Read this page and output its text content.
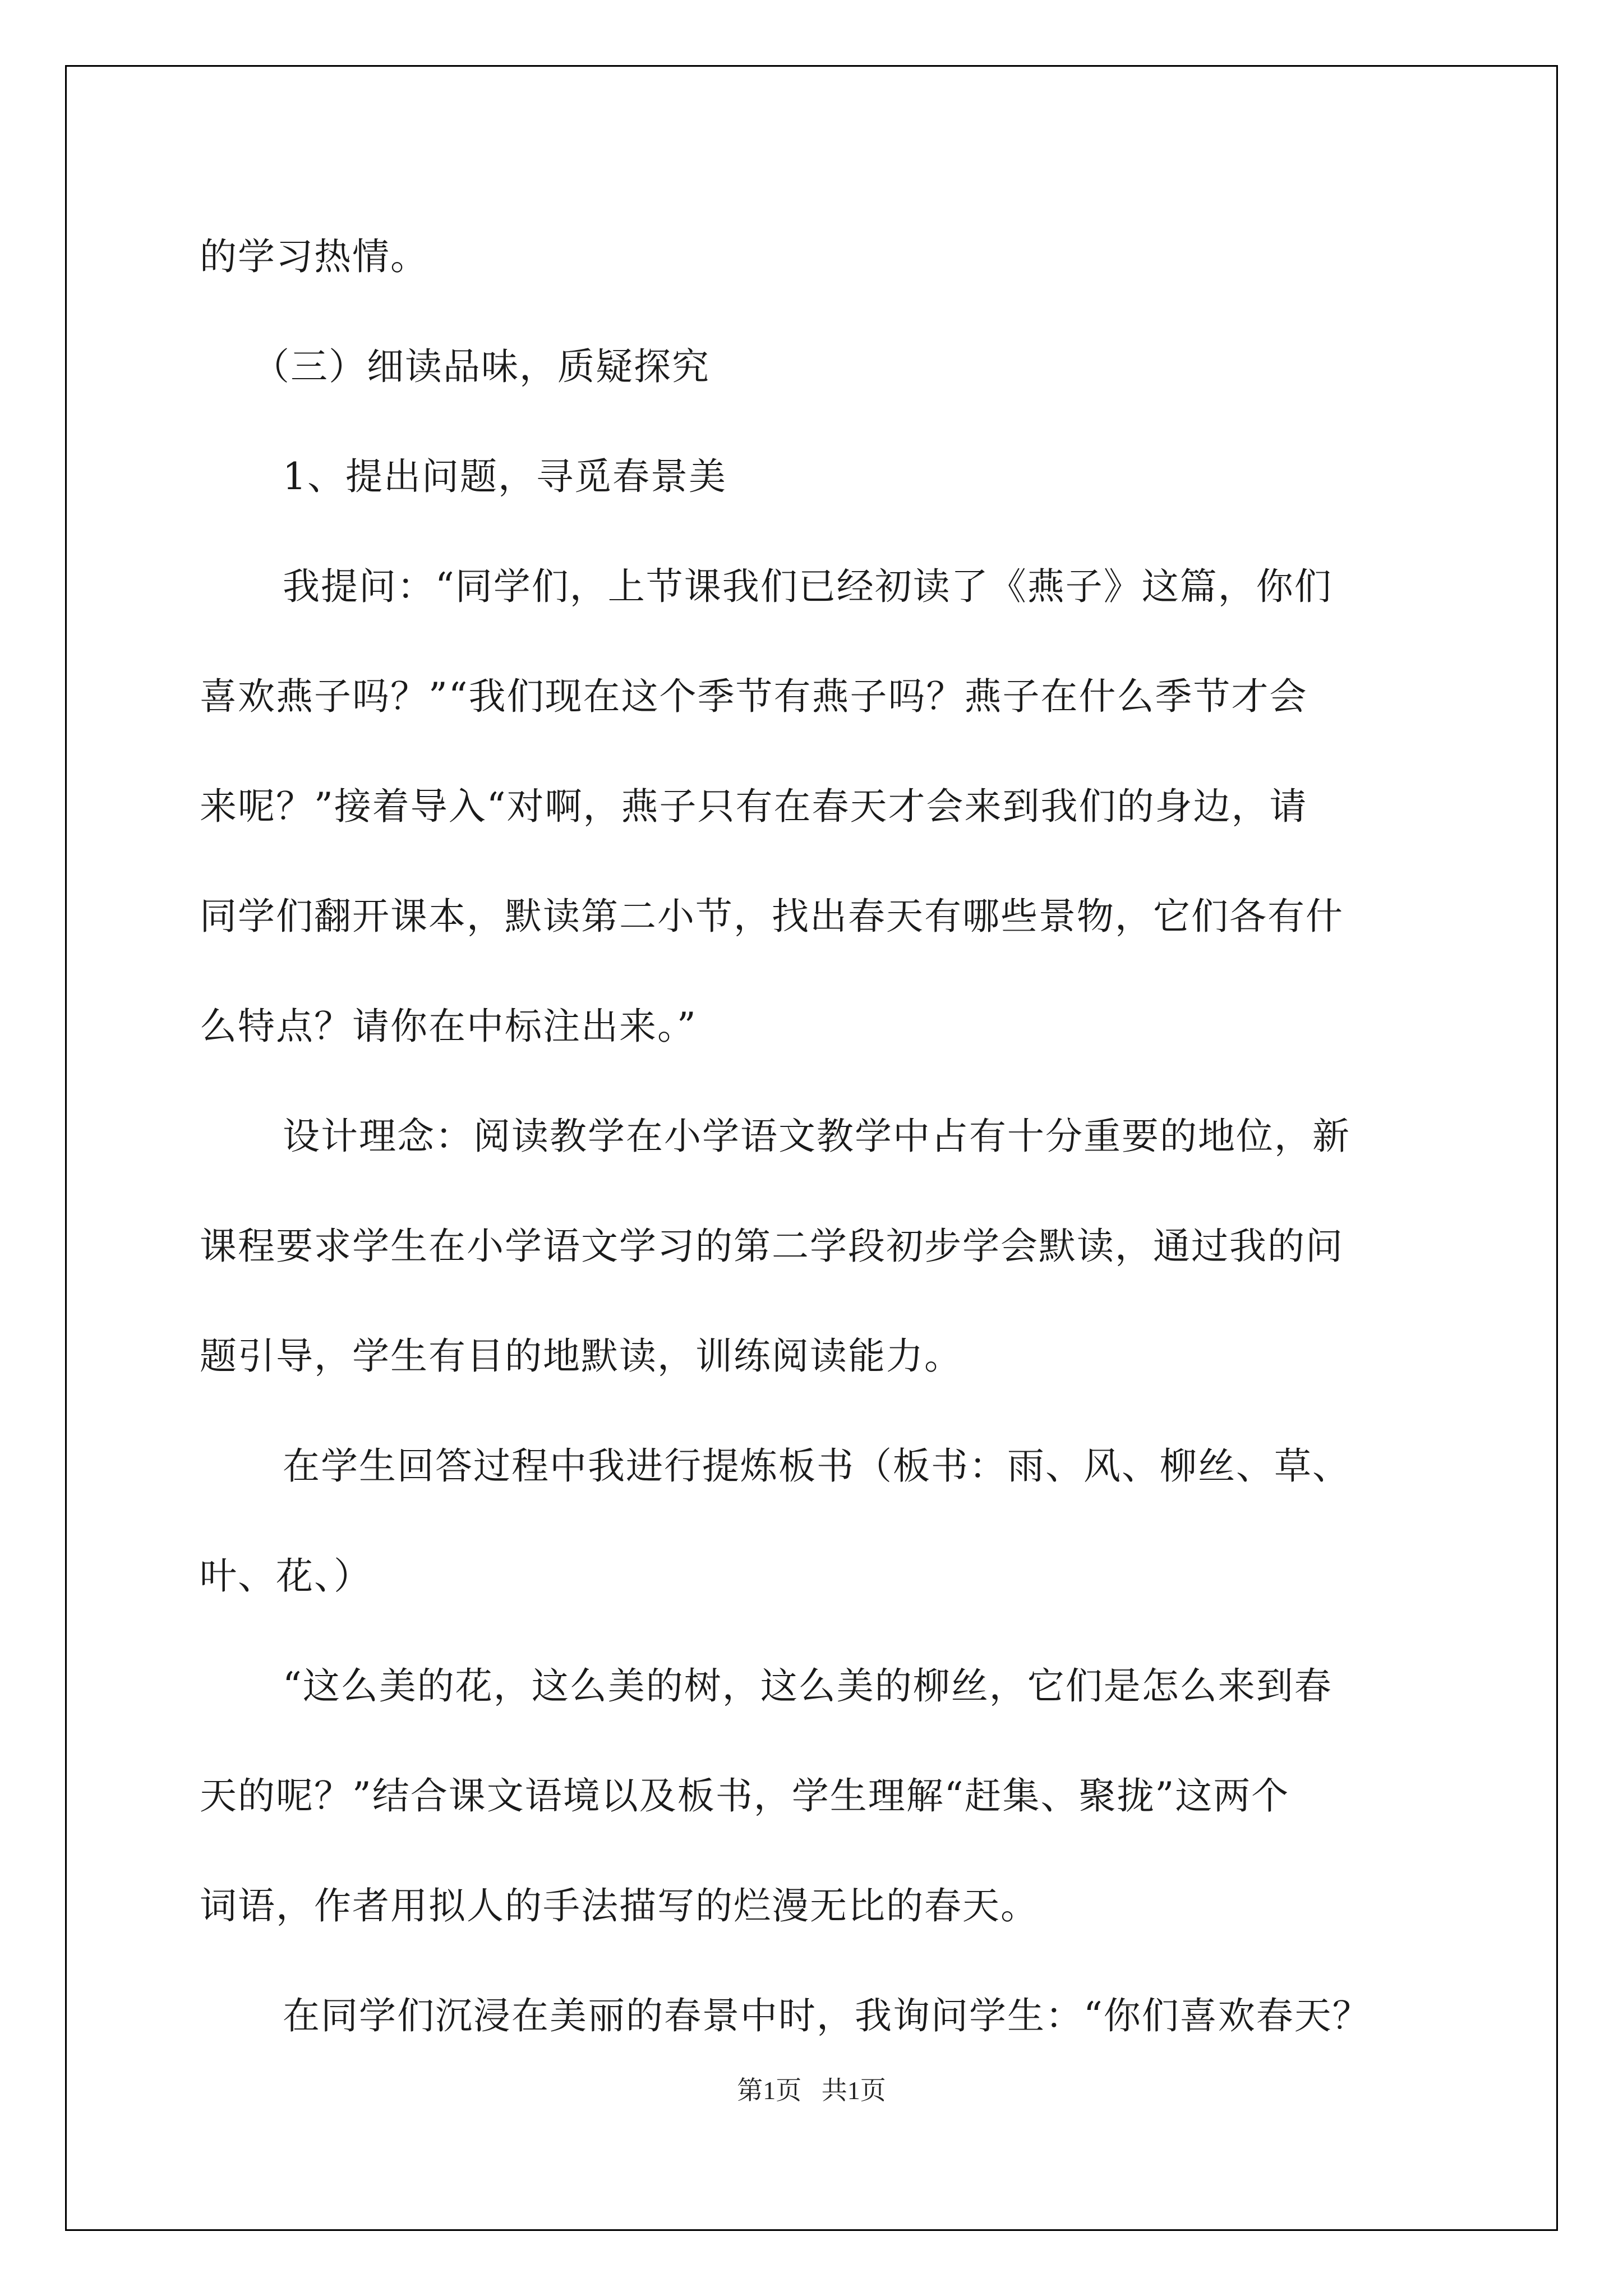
的学习热情。
（三）细读品味，质疑探究
1、提出问题，寻觅春景美
我提问：“同学们，上节课我们已经初读了《燕子》这篇，你们
喜欢燕子吗？”“我们现在这个季节有燕子吗？燕子在什么季节才会
来呢？”接着导入“对啊，燕子只有在春天才会来到我们的身边，请
同学们翻开课本，默读第二小节，找出春天有哪些景物，它们各有什
么特点？请你在中标注出来。”
设计理念：阅读教学在小学语文教学中占有十分重要的地位，新
课程要求学生在小学语文学习的第二学段初步学会默读，通过我的问
题引导，学生有目的地默读，训练阅读能力。
在学生回答过程中我进行提炼板书（板书：雨、风、柳丝、草、
叶、花、）
“这么美的花，这么美的树，这么美的柳丝，它们是怎么来到春
天的呢？”结合课文语境以及板书，学生理解“赶集、聚拢”这两个
词语，作者用拟人的手法描写的烂漫无比的春天。
在同学们沉浸在美丽的春景中时，我询问学生：“你们喜欢春天？
第1页 共1页
